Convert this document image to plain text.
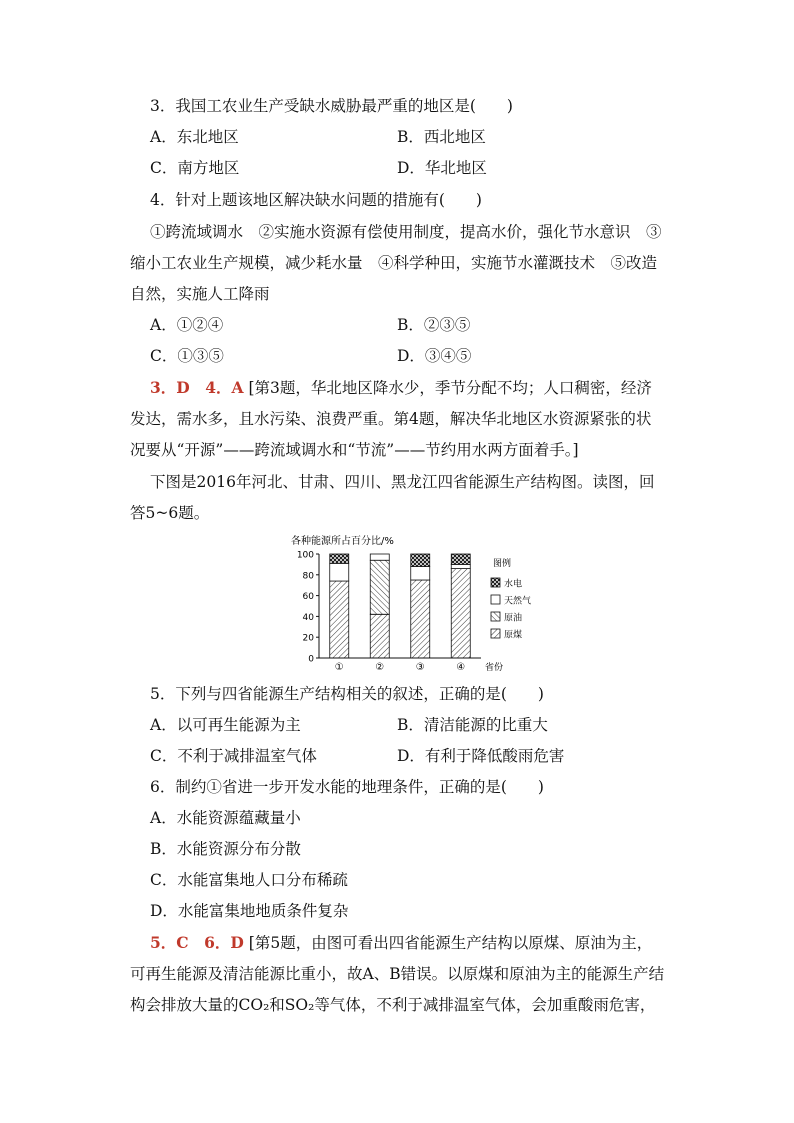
3．我国工农业生产受缺水威胁最严重的地区是(　　)
A．东北地区	B．西北地区
C．南方地区	D．华北地区
4．针对上题该地区解决缺水问题的措施有(　　)
①跨流域调水　②实施水资源有偿使用制度，提高水价，强化节水意识　③
缩小工农业生产规模，减少耗水量　④科学种田，实施节水灌溉技术　⑤改造
自然，实施人工降雨
A．①②④	B．②③⑤
C．①③⑤	D．③④⑤
3．D　4．A [第3题，华北地区降水少，季节分配不均；人口稠密，经济
发达，需水多，且水污染、浪费严重。第4题，解决华北地区水资源紧张的状
况要从“开源”——跨流域调水和“节流”——节约用水两方面着手。]
下图是2016年河北、甘肃、四川、黑龙江四省能源生产结构图。读图，回
答5~6题。
各种能源所占百分比/%
0
20
40
60
80
100
①	②	③	④ 省份
图例
水电
天然气
原油
原煤
5．下列与四省能源生产结构相关的叙述，正确的是(　　)
A．以可再生能源为主	B．清洁能源的比重大
C．不利于减排温室气体	D．有利于降低酸雨危害
6．制约①省进一步开发水能的地理条件，正确的是(　　)
A．水能资源蕴藏量小
B．水能资源分布分散
C．水能富集地人口分布稀疏
D．水能富集地地质条件复杂
5．C　6．D [第5题，由图可看出四省能源生产结构以原煤、原油为主，
可再生能源及清洁能源比重小，故A、B错误。以原煤和原油为主的能源生产结
构会排放大量的CO₂和SO₂等气体，不利于减排温室气体，会加重酸雨危害，
